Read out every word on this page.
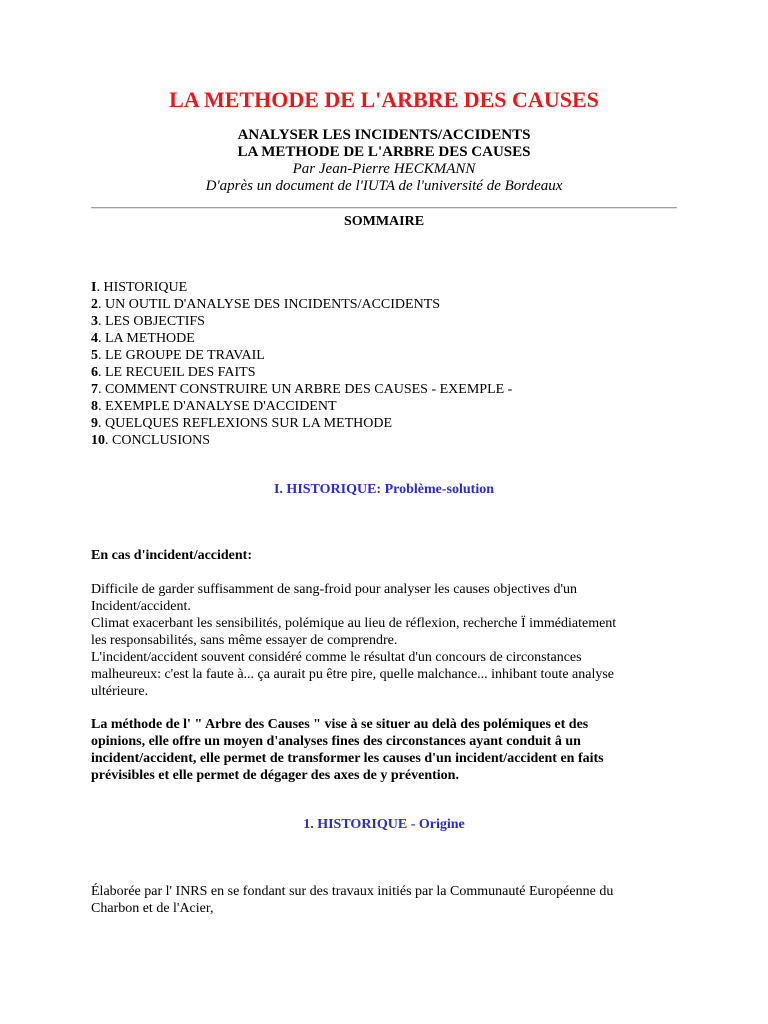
LA METHODE DE L'ARBRE DES CAUSES
ANALYSER LES INCIDENTS/ACCIDENTS
LA METHODE DE L'ARBRE DES CAUSES
Par Jean-Pierre HECKMANN
D'après un document de l'IUTA de l'université de Bordeaux
SOMMAIRE
I. HISTORIQUE
2. UN OUTIL D'ANALYSE DES INCIDENTS/ACCIDENTS
3. LES OBJECTIFS
4. LA METHODE
5. LE GROUPE DE TRAVAIL
6. LE RECUEIL DES FAITS
7. COMMENT CONSTRUIRE UN ARBRE DES CAUSES - EXEMPLE -
8. EXEMPLE D'ANALYSE D'ACCIDENT
9. QUELQUES REFLEXIONS SUR LA METHODE
10. CONCLUSIONS
I. HISTORIQUE: Problème-solution
En cas d'incident/accident:
Difficile de garder suffisamment de sang-froid pour analyser les causes objectives d'un
Incident/accident.
Climat exacerbant les sensibilités, polémique au lieu de réflexion, recherche Ï immédiatement
les responsabilités, sans même essayer de comprendre.
L'incident/accident souvent considéré comme le résultat d'un concours de circonstances
malheureux: c'est la faute à... ça aurait pu être pire, quelle malchance... inhibant toute analyse
ultérieure.
La méthode de l' " Arbre des Causes " vise à se situer au delà des polémiques et des
opinions, elle offre un moyen d'analyses fines des circonstances ayant conduit â un
incident/accident, elle permet de transformer les causes d'un incident/accident en faits
prévisibles et elle permet de dégager des axes de y prévention.
1. HISTORIQUE - Origine
Élaborée par l' INRS en se fondant sur des travaux initiés par la Communauté Européenne du
Charbon et de l'Acier,
